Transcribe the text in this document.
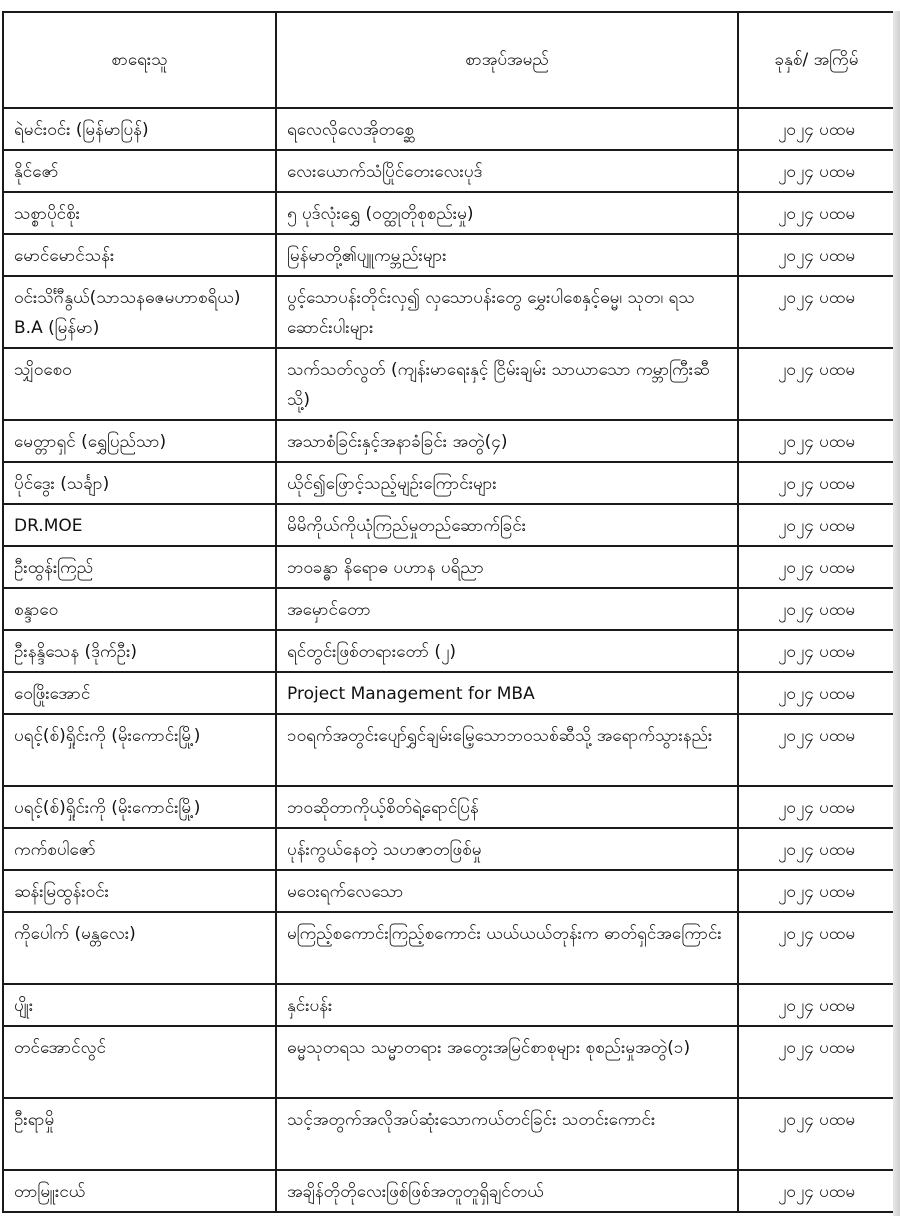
စာရေးသူ	စာအုပ်အမည်	ခုနှစ်/ အကြိမ်
ရဲမင်းဝင်း (မြန်မာပြန်)	ရလေလိုလေအိုတစ္ဆေ	၂၀၂၄ ပထမ
နိုင်ဇော်	လေးယောက်သံပြိုင်တေးလေးပုဒ်	၂၀၂၄ ပထမ
သစ္စာပိုင်စိုး	၅ ပုဒ်လုံးရွှေ (ဝတ္ထုတိုစုစည်းမှု)	၂၀၂၄ ပထမ
မောင်မောင်သန်း	မြန်မာတို့၏ပျူကမ္ဘည်းများ	၂၀၂၄ ပထမ
ဝင်းသိင်္ဂီနွယ်(သာသနဓဇမဟာစရိယ) B.A (မြန်မာ)	ပွင့်သောပန်းတိုင်းလှ၍ လှသောပန်းတွေ မွှေးပါစေနှင့်ဓမ္မ၊ သုတ၊ ရသဆောင်းပါးများ	၂၀၂၄ ပထမ
သျှိဝစေဝ	သက်သတ်လွတ် (ကျန်းမာရေးနှင့် ငြိမ်းချမ်း သာယာသော ကမ္ဘာကြီးဆီသို့)	၂၀၂၄ ပထမ
မေတ္တာရှင် (ရွှေပြည်သာ)	အသာစံခြင်းနှင့်အနာခံခြင်း အတွဲ(၄)	၂၀၂၄ ပထမ
ပိုင်ဒွေး (သင်္ချာ)	ယိုင်၍ဖြောင့်သည့်မျဉ်းကြောင်းများ	၂၀၂၄ ပထမ
DR.MOE	မိမိကိုယ်ကိုယုံကြည်မှုတည်ဆောက်ခြင်း	၂၀၂၄ ပထမ
ဦးထွန်းကြည်	ဘဝခန္ဓာ နိရောဓ ပဟာန ပရိညာ	၂၀၂၄ ပထမ
စန္ဒာဝေ	အမှောင်တော	၂၀၂၄ ပထမ
ဦးနန္ဒိသေန (ဒိုက်ဦး)	ရင်တွင်းဖြစ်တရားတော် (၂)	၂၀၂၄ ပထမ
ဝေဖြိုးအောင်	Project Management for MBA	၂၀၂၄ ပထမ
ပရင့်(စ်)ရှိုင်းကို (မိုးကောင်းမြို့)	၁၀ရက်အတွင်းပျော်ရွှင်ချမ်းမြေ့သောဘဝသစ်ဆီသို့ အရောက်သွားနည်း	၂၀၂၄ ပထမ
ပရင့်(စ်)ရှိုင်းကို (မိုးကောင်းမြို့)	ဘဝဆိုတာကိုယ့်စိတ်ရဲ့ရောင်ပြန်	၂၀၂၄ ပထမ
ကက်စပါဇော်	ပုန်းကွယ်နေတဲ့ သဟဇာတဖြစ်မှု	၂၀၂၄ ပထမ
ဆန်းမြထွန်းဝင်း	မဝေးရက်လေသော	၂၀၂၄ ပထမ
ကိုပေါက် (မန္တလေး)	မကြည့်စကောင်းကြည့်စကောင်း ယယ်ယယ်တုန်းက ဓာတ်ရှင်အကြောင်း	၂၀၂၄ ပထမ
ပျိုး	နှင်းပန်း	၂၀၂၄ ပထမ
တင်အောင်လွင်	ဓမ္မသုတရသ သမ္မာတရား အတွေးအမြင်စာစုများ စုစည်းမှုအတွဲ(၁)	၂၀၂၄ ပထမ
ဦးရာမှို	သင့်အတွက်အလိုအပ်ဆုံးသောကယ်တင်ခြင်း သတင်းကောင်း	၂၀၂၄ ပထမ
တာမြူးငယ်	အချိန်တိုတိုလေးဖြစ်ဖြစ်အတူတူရှိချင်တယ်	၂၀၂၄ ပထမ
